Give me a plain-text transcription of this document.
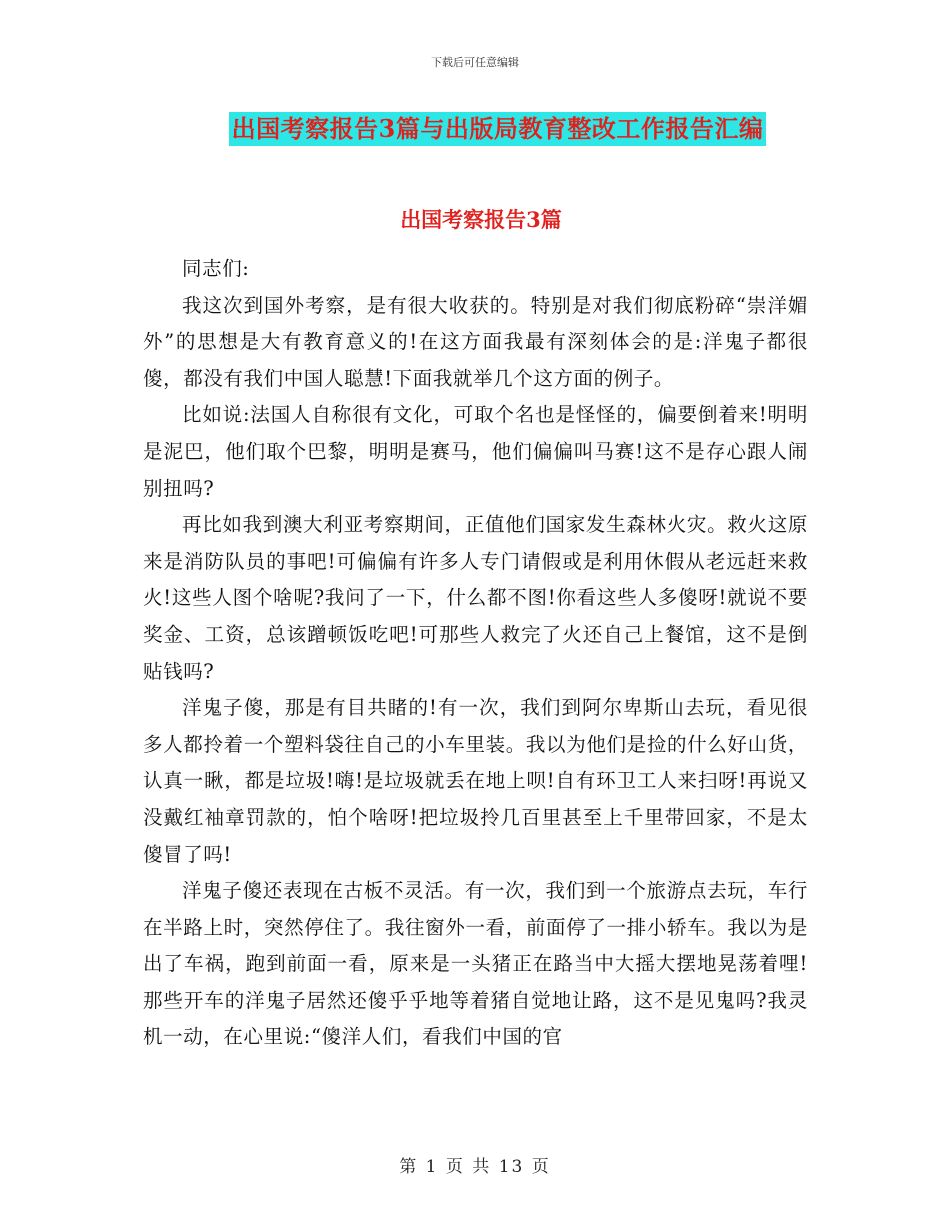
下载后可任意编辑
出国考察报告3篇与出版局教育整改工作报告汇编
出国考察报告3篇

同志们:

我这次到国外考察，是有很大收获的。特别是对我们彻底粉碎“崇洋媚外”的思想是大有教育意义的!在这方面我最有深刻体会的是:洋鬼子都很傻，都没有我们中国人聪慧!下面我就举几个这方面的例子。

比如说:法国人自称很有文化，可取个名也是怪怪的，偏要倒着来!明明是泥巴，他们取个巴黎，明明是赛马，他们偏偏叫马赛!这不是存心跟人闹别扭吗?

再比如我到澳大利亚考察期间，正值他们国家发生森林火灾。救火这原来是消防队员的事吧!可偏偏有许多人专门请假或是利用休假从老远赶来救火!这些人图个啥呢?我问了一下，什么都不图!你看这些人多傻呀!就说不要奖金、工资，总该蹭顿饭吃吧!可那些人救完了火还自己上餐馆，这不是倒贴钱吗?

洋鬼子傻，那是有目共睹的!有一次，我们到阿尔卑斯山去玩，看见很多人都拎着一个塑料袋往自己的小车里装。我以为他们是捡的什么好山货，认真一瞅，都是垃圾!嗨!是垃圾就丢在地上呗!自有环卫工人来扫呀!再说又没戴红袖章罚款的，怕个啥呀!把垃圾拎几百里甚至上千里带回家，不是太傻冒了吗!

洋鬼子傻还表现在古板不灵活。有一次，我们到一个旅游点去玩，车行在半路上时，突然停住了。我往窗外一看，前面停了一排小轿车。我以为是出了车祸，跑到前面一看，原来是一头猪正在路当中大摇大摆地晃荡着哩!那些开车的洋鬼子居然还傻乎乎地等着猪自觉地让路，这不是见鬼吗?我灵机一动，在心里说:“傻洋人们，看我们中国的官

第 1 页 共 13 页
